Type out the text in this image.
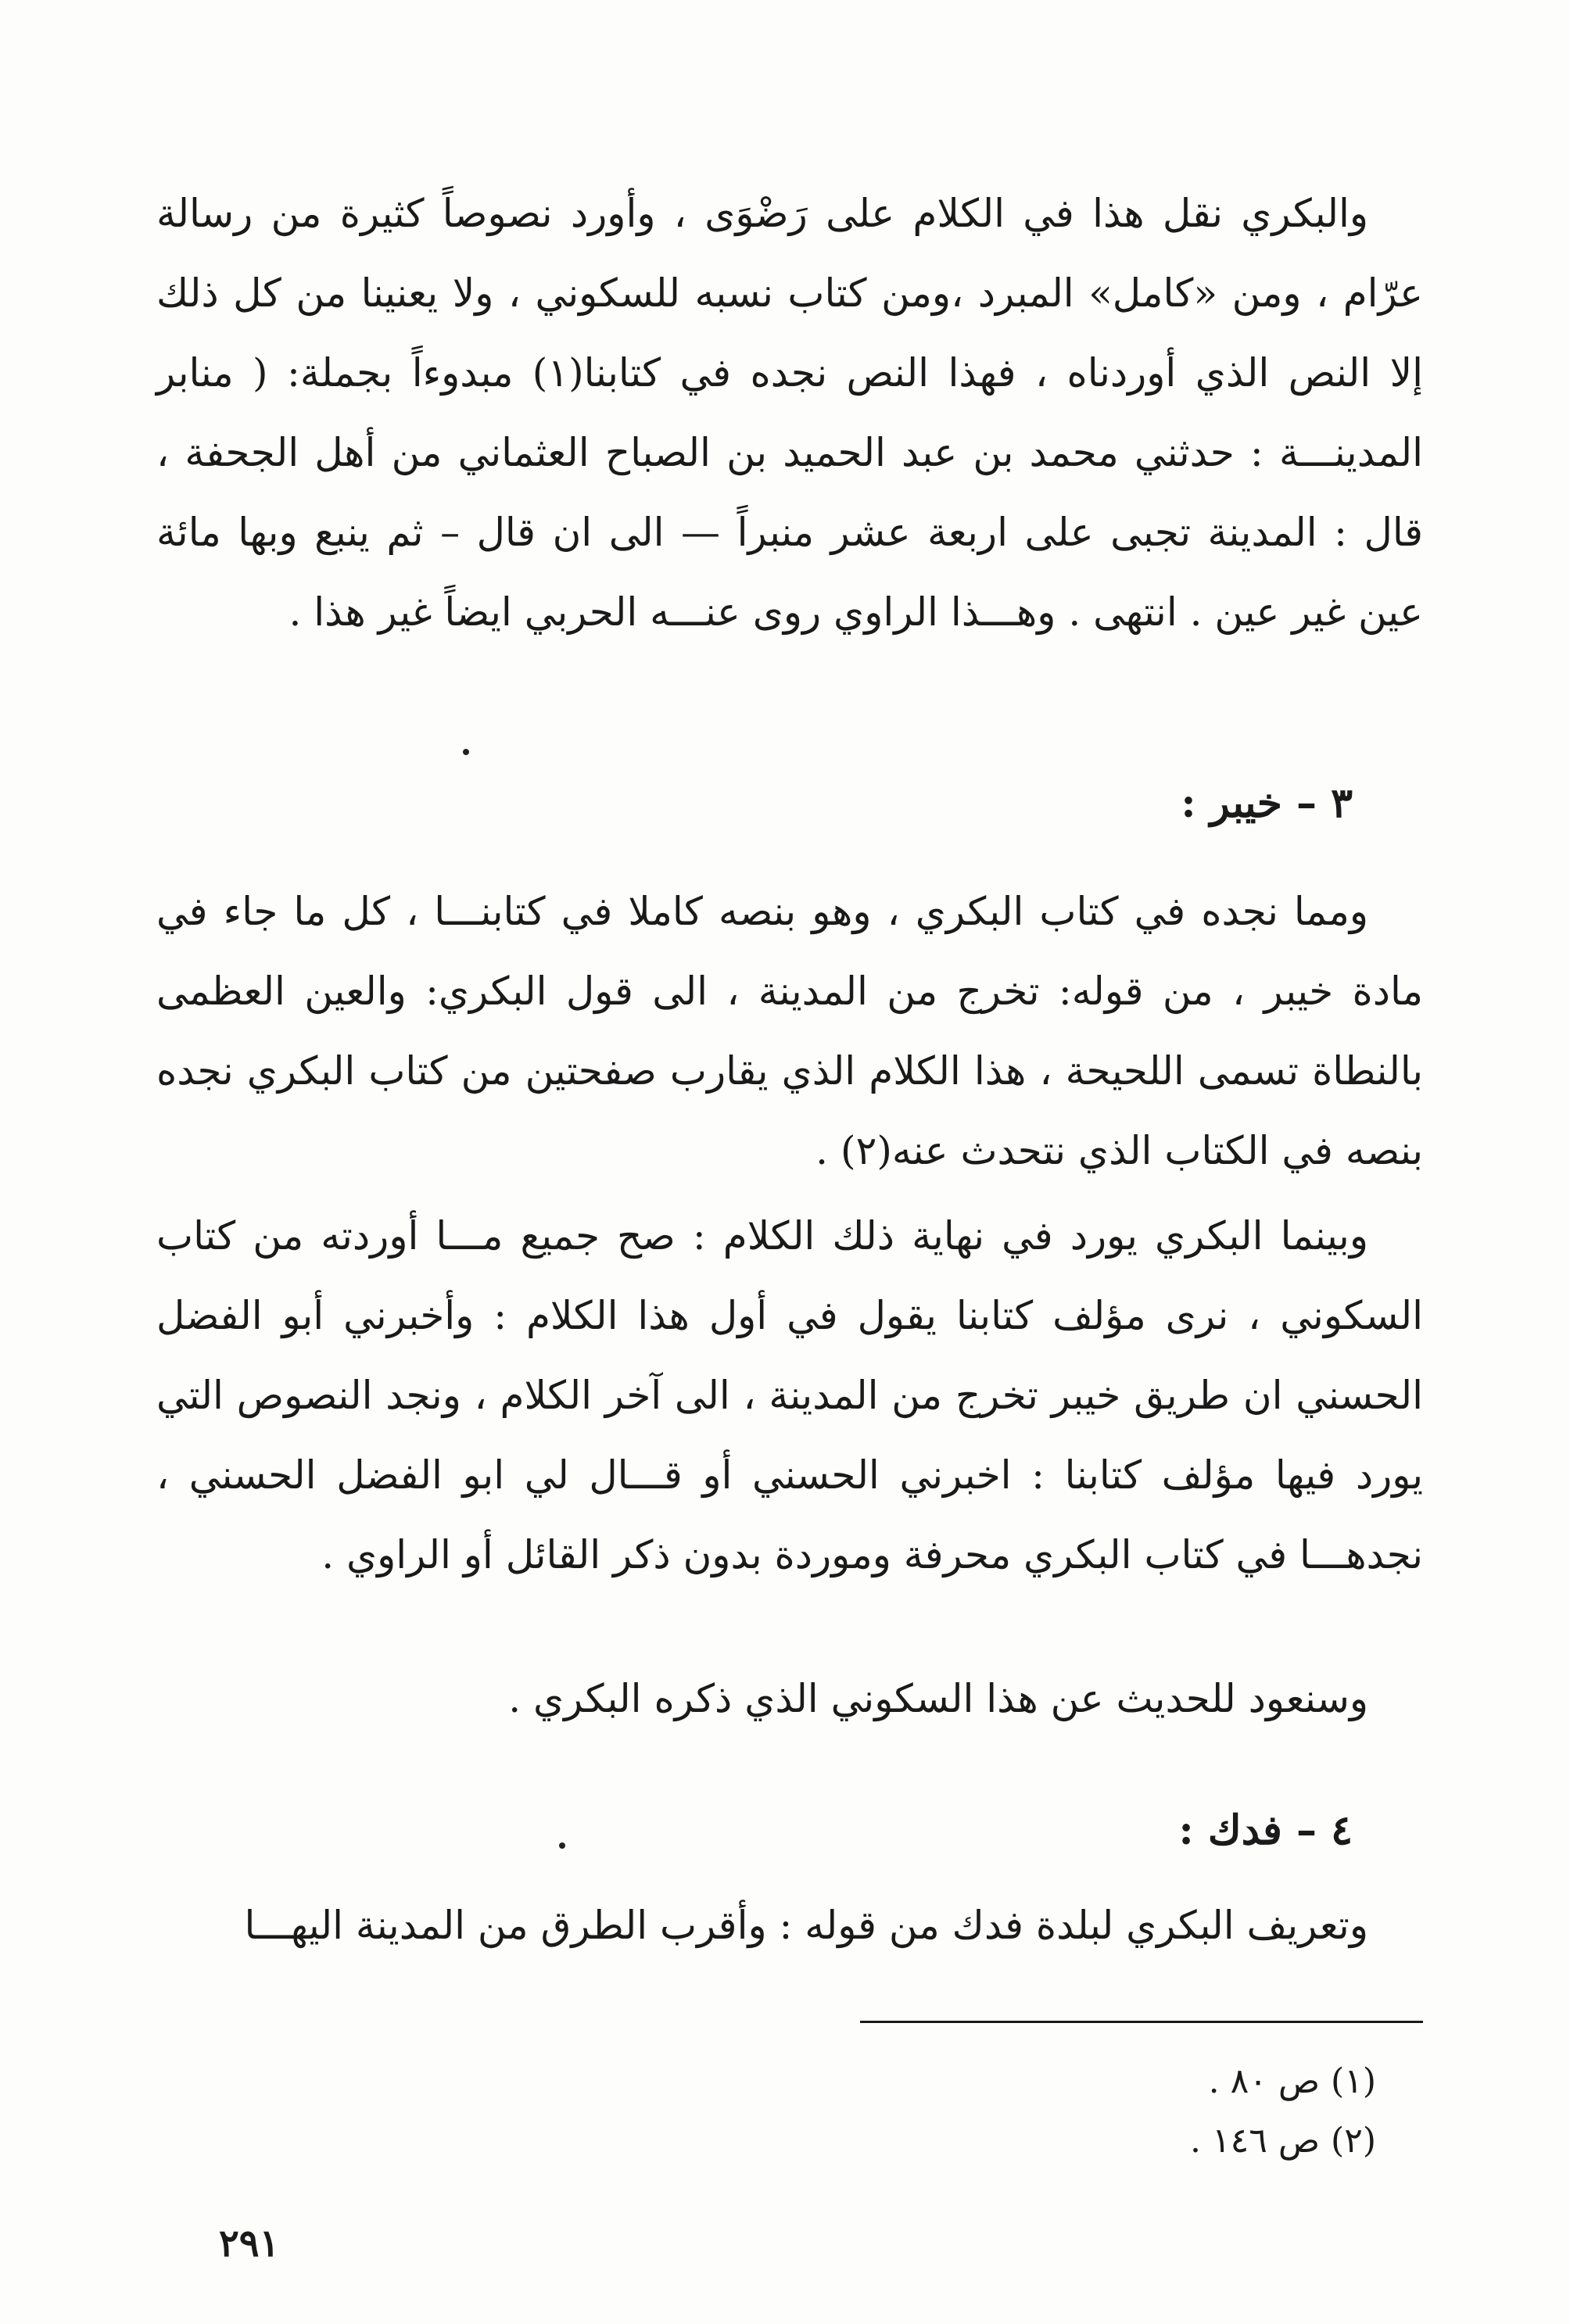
والبكري نقل هذا في الكلام على رَضْوَى ، وأورد نصوصاً كثيرة من رسالة عرّام ، ومن «كامل» المبرد ،ومن كتاب نسبه للسكوني ، ولا يعنينا من كل ذلك إلا النص الذي أوردناه ، فهذا النص نجده في كتابنا(١) مبدوءاً بجملة: ( منابر المدينـــة : حدثني محمد بن عبد الحميد بن الصباح العثماني من أهل الجحفة ، قال : المدينة تجبى على اربعة عشر منبراً — الى ان قال – ثم ينبع وبها مائة عين غير عين . انتهى . وهـــذا الراوي روى عنـــه الحربي ايضاً غير هذا .
٣ – خيبر :
ومما نجده في كتاب البكري ، وهو بنصه كاملا في كتابنـــا ، كل ما جاء في مادة خيبر ، من قوله: تخرج من المدينة ، الى قول البكري: والعين العظمى بالنطاة تسمى اللحيحة ، هذا الكلام الذي يقارب صفحتين من كتاب البكري نجده بنصه في الكتاب الذي نتحدث عنه(٢) .
وبينما البكري يورد في نهاية ذلك الكلام : صح جميع مـــا أوردته من كتاب السكوني ، نرى مؤلف كتابنا يقول في أول هذا الكلام : وأخبرني أبو الفضل الحسني ان طريق خيبر تخرج من المدينة ، الى آخر الكلام ، ونجد النصوص التي يورد فيها مؤلف كتابنا : اخبرني الحسني أو قـــال لي ابو الفضل الحسني ، نجدهـــا في كتاب البكري محرفة وموردة بدون ذكر القائل أو الراوي .
وسنعود للحديث عن هذا السكوني الذي ذكره البكري .
٤ – فدك :
وتعريف البكري لبلدة فدك من قوله : وأقرب الطرق من المدينة اليهـــا
(١) ص ٨٠ .
(٢) ص ١٤٦ .
٢٩١
